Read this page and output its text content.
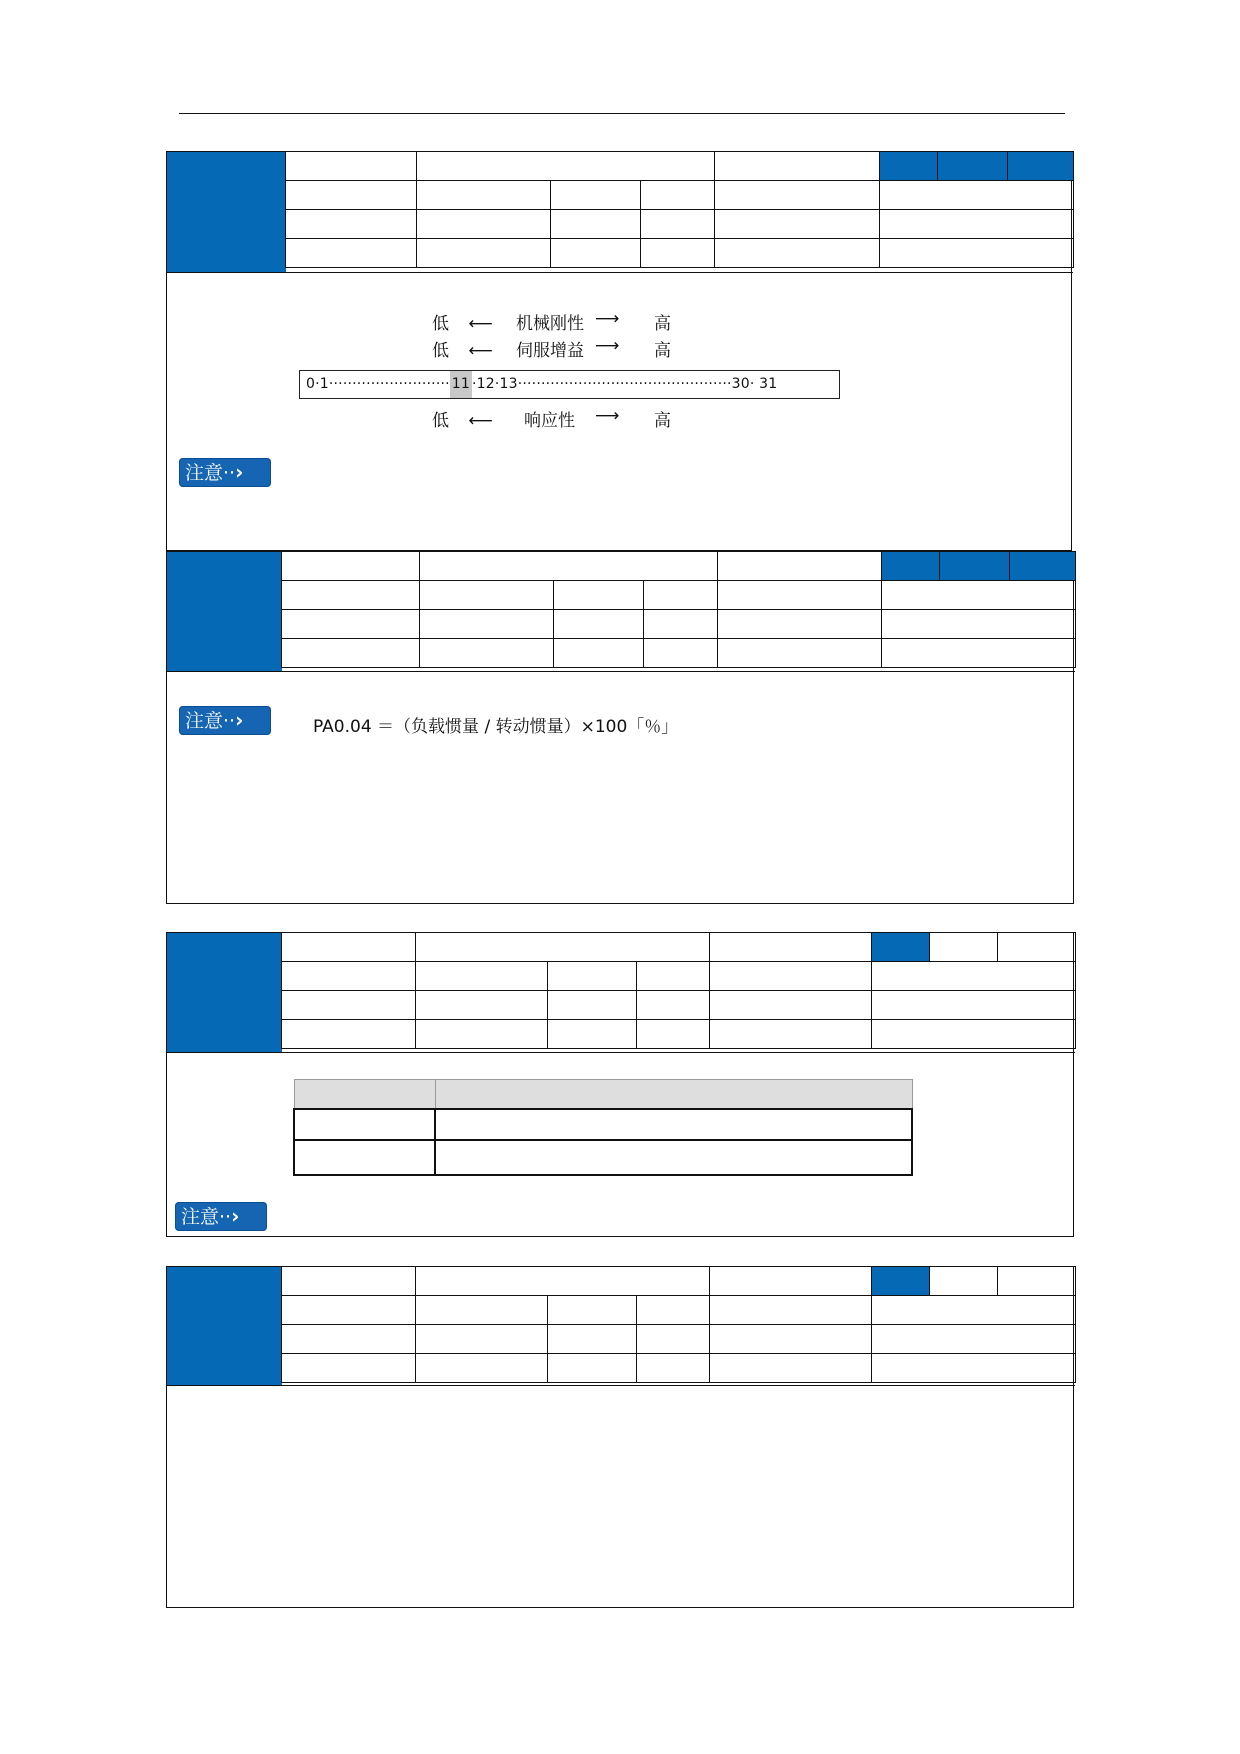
低 ⟵ 机械刚性 ⟶ 高
低 ⟵ 伺服增益 ⟶ 高
0·1·························· 11 ·12·13··············································30· 31
低 ⟵ 响应性 ⟶ 高
注意··›

注意··›	PA0.04 ＝（负载惯量 / 转动惯量）×100「％」

注意··›
